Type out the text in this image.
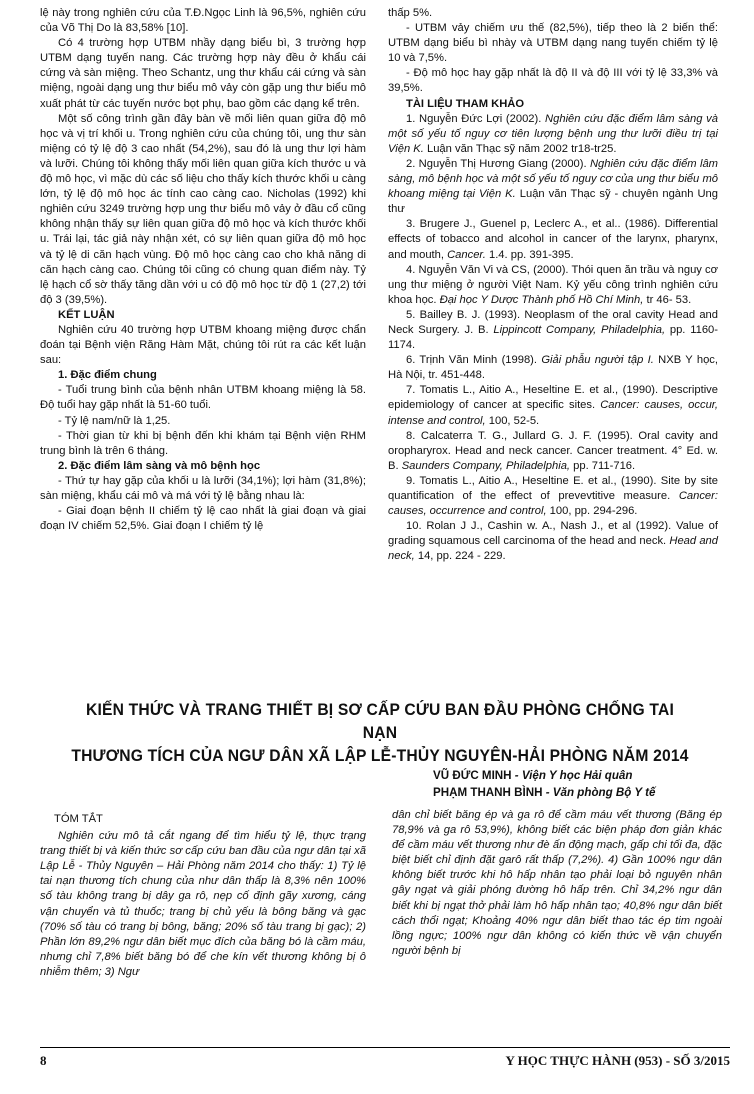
lệ này trong nghiên cứu của T.Đ.Ngọc Linh là 96,5%, nghiên cứu của Võ Thị Do là 83,58% [10].

Có 4 trường hợp UTBM nhầy dạng biểu bì, 3 trường hợp UTBM dạng tuyến nang. Các trường hợp này đều ở khẩu cái cứng và sàn miệng. Theo Schantz, ung thư khẩu cái cứng và sàn miệng, ngoài dạng ung thư biểu mô vảy còn gặp ung thư biểu mô xuất phát từ các tuyến nước bọt phụ, bao gồm các dạng kể trên.

Một số công trình gần đây bàn về mối liên quan giữa độ mô học và vị trí khối u. Trong nghiên cứu của chúng tôi, ung thư sàn miệng có tỷ lệ độ 3 cao nhất (54,2%), sau đó là ung thư lợi hàm và lưỡi. Chúng tôi không thấy mối liên quan giữa kích thước u và độ mô học, vì mặc dù các số liệu cho thấy kích thước khối u càng lớn, tỷ lệ độ mô học ác tính cao càng cao. Nicholas (1992) khi nghiên cứu 3249 trường hợp ung thư biểu mô vảy ở đầu cổ cũng không nhận thấy sự liên quan giữa độ mô học và kích thước khối u. Trái lại, tác giả này nhận xét, có sự liên quan giữa độ mô học và tỷ lệ di căn hạch vùng. Độ mô học càng cao cho khả năng di căn hạch càng cao. Chúng tôi cũng có chung quan điểm này. Tỷ lệ hạch cổ sờ thấy tăng dần với u có độ mô học từ độ 1 (27,2) tới độ 3 (39,5%).

KẾT LUẬN

Nghiên cứu 40 trường hợp UTBM khoang miệng được chẩn đoán tại Bệnh viện Răng Hàm Mặt, chúng tôi rút ra các kết luận sau:

1. Đặc điểm chung

- Tuổi trung bình của bệnh nhân UTBM khoang miệng là 58. Độ tuổi hay gặp nhất là 51-60 tuổi.

- Tỷ lệ nam/nữ là 1,25.

- Thời gian từ khi bị bệnh đến khi khám tại Bệnh viện RHM trung bình là trên 6 tháng.

2. Đặc điểm lâm sàng và mô bệnh học

- Thứ tự hay gặp của khối u là lưỡi (34,1%); lợi hàm (31,8%); sàn miệng, khẩu cái mô và má với tỷ lệ bằng nhau là:

- Giai đoạn bệnh II chiếm tỷ lệ cao nhất là giai đoạn và giai đoạn IV chiếm 52,5%. Giai đoạn I chiếm tỷ lệ

thấp 5%.

- UTBM vảy chiếm ưu thế (82,5%), tiếp theo là 2 biến thể: UTBM dạng biểu bì nhày và UTBM dạng nang tuyến chiếm tỷ lệ 10 và 7,5%.

- Độ mô học hay gặp nhất là độ II và độ III với tỷ lệ 33,3% và 39,5%.

TÀI LIỆU THAM KHẢO

1. Nguyễn Đức Lợi (2002). Nghiên cứu đặc điểm lâm sàng và một số yếu tố nguy cơ tiên lượng bệnh ung thư lưỡi điều trị tại Viện K. Luận văn Thạc sỹ năm 2002 tr18-tr25.

2. Nguyễn Thị Hương Giang (2000). Nghiên cứu đặc điểm lâm sàng, mô bệnh học và một số yếu tố nguy cơ của ung thư biểu mô khoang miệng tại Viện K. Luận văn Thạc sỹ - chuyên ngành Ung thư

3. Brugere J., Guenel p, Leclerc A., et al.. (1986). Differential effects of tobacco and alcohol in cancer of the larynx, pharynx, and mouth, Cancer. 1.4. pp. 391-395.

4. Nguyễn Văn Vi và CS, (2000). Thói quen ăn trầu và nguy cơ ung thư miệng ở người Việt Nam. Kỷ yếu công trình nghiên cứu khoa học. Đại học Y Dược Thành phố Hồ Chí Minh, tr 46- 53.

5. Bailley B. J. (1993). Neoplasm of the oral cavity Head and Neck Surgery. J. B. Lippincott Company, Philadelphia, pp. 1160-1174.

6. Trịnh Văn Minh (1998). Giải phẫu người tập I. NXB Y học, Hà Nội, tr. 451-448.

7. Tomatis L., Aitio A., Heseltine E. et al., (1990). Descriptive epidemiology of cancer at specific sites. Cancer: causes, occur, intense and control, 100, 52-5.

8. Calcaterra T. G., Jullard G. J. F. (1995). Oral cavity and oropharyrox. Head and neck cancer. Cancer treatment. 4° Ed. w. B. Saunders Company, Philadelphia, pp. 711-716.

9. Tomatis L., Aitio A., Heseltine E. et al., (1990). Site by site quantification of the effect of prevevtitive measure. Cancer: causes, occurrence and control, 100, pp. 294-296.

10. Rolan J J., Cashin w. A., Nash J., et al (1992). Value of grading squamous cell carcinoma of the head and neck. Head and neck, 14, pp. 224 - 229.

KIẾN THỨC VÀ TRANG THIẾT BỊ SƠ CẤP CỨU BAN ĐẦU PHÒNG CHỐNG TAI NẠN
THƯƠNG TÍCH CỦA NGƯ DÂN XÃ LẬP LỄ-THỦY NGUYÊN-HẢI PHÒNG NĂM 2014
VŨ ĐỨC MINH - Viện Y học Hải quân
PHẠM THANH BÌNH - Văn phòng Bộ Y tế

TÓM TẮT

Nghiên cứu mô tả cắt ngang để tìm hiểu tỷ lệ, thực trạng trang thiết bị và kiến thức sơ cấp cứu ban đầu của ngư dân tại xã Lập Lễ - Thủy Nguyên – Hải Phòng năm 2014 cho thấy: 1) Tỷ lệ tai nạn thương tích chung của như dân thấp là 8,3% nên 100% số tàu không trang bị dây ga rô, nẹp cố định gãy xương, cáng vận chuyển và tủ thuốc; trang bị chủ yếu là bông băng và gạc (70% số tàu có trang bị bông, băng; 20% số tàu trang bị gạc); 2) Phần lớn 89,2% ngư dân biết mục đích của băng bó là cầm máu, nhưng chỉ 7,8% biết băng bó để che kín vết thương không bị ô nhiễm thêm; 3) Ngư

dân chỉ biết băng ép và ga rô để cầm máu vết thương (Băng ép 78,9% và ga rô 53,9%), không biết các biện pháp đơn giản khác để cầm máu vết thương như đè ấn động mạch, gấp chi tối đa, đặc biệt biết chỉ định đặt garô rất thấp (7,2%). 4) Gần 100% ngư dân không biết trước khi hô hấp nhân tạo phải loại bỏ nguyên nhân gây ngạt và giải phóng đường hô hấp trên. Chỉ 34,2% ngư dân biết khi bị ngạt thở phải làm hô hấp nhân tạo; 40,8% ngư dân biết cách thổi ngạt; Khoảng 40% ngư dân biết thao tác ép tim ngoài lồng ngực; 100% ngư dân không có kiến thức về vận chuyển người bệnh bị

8	Y HỌC THỰC HÀNH (953) - SỐ 3/2015
